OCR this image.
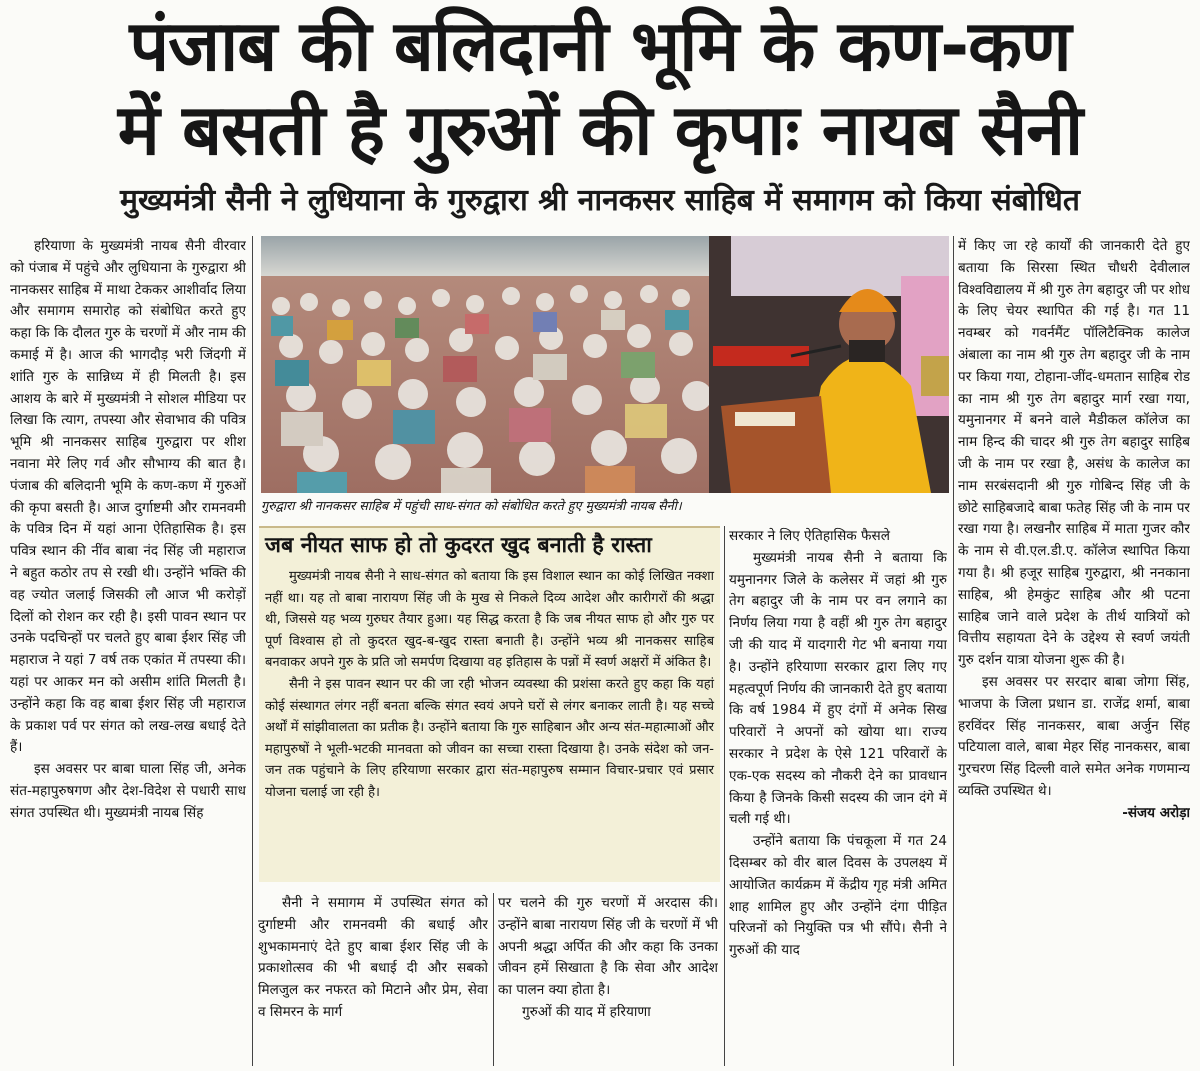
पंजाब की बलिदानी भूमि के कण-कण
में बसती है गुरुओं की कृपाः नायब सैनी
मुख्यमंत्री सैनी ने लुधियाना के गुरुद्वारा श्री नानकसर साहिब में समागम को किया संबोधित

हरियाणा के मुख्यमंत्री नायब सैनी वीरवार को पंजाब में पहुंचे और लुधियाना के गुरुद्वारा श्री नानकसर साहिब में माथा टेककर आशीर्वाद लिया और समागम समारोह को संबोधित करते हुए कहा कि कि दौलत गुरु के चरणों में और नाम की कमाई में है। आज की भागदौड़ भरी जिंदगी में शांति गुरु के सान्निध्य में ही मिलती है। इस आशय के बारे में मुख्यमंत्री ने सोशल मीडिया पर लिखा कि त्याग, तपस्या और सेवाभाव की पवित्र भूमि श्री नानकसर साहिब गुरुद्वारा पर शीश नवाना मेरे लिए गर्व और सौभाग्य की बात है। पंजाब की बलिदानी भूमि के कण-कण में गुरुओं की कृपा बसती है। आज दुर्गाष्टमी और रामनवमी के पवित्र दिन में यहां आना ऐतिहासिक है। इस पवित्र स्थान की नींव बाबा नंद सिंह जी महाराज ने बहुत कठोर तप से रखी थी। उन्होंने भक्ति की वह ज्योत जलाई जिसकी लौ आज भी करोड़ों दिलों को रोशन कर रही है। इसी पावन स्थान पर उनके पदचिन्हों पर चलते हुए बाबा ईशर सिंह जी महाराज ने यहां 7 वर्ष तक एकांत में तपस्या की। यहां पर आकर मन को असीम शांति मिलती है। उन्होंने कहा कि वह बाबा ईशर सिंह जी महाराज के प्रकाश पर्व पर संगत को लख-लख बधाई देते हैं।

इस अवसर पर बाबा घाला सिंह जी, अनेक संत-महापुरुषगण और देश-विदेश से पधारी साध संगत उपस्थित थी। मुख्यमंत्री नायब सिंह

गुरुद्वारा श्री नानकसर साहिब में पहुंची साध-संगत को संबोधित करते हुए मुख्यमंत्री नायब सैनी।
जब नीयत साफ हो तो कुदरत खुद बनाती है रास्ता

मुख्यमंत्री नायब सैनी ने साध-संगत को बताया कि इस विशाल स्थान का कोई लिखित नक्शा नहीं था। यह तो बाबा नारायण सिंह जी के मुख से निकले दिव्य आदेश और कारीगरों की श्रद्धा थी, जिससे यह भव्य गुरुघर तैयार हुआ। यह सिद्ध करता है कि जब नीयत साफ हो और गुरु पर पूर्ण विश्वास हो तो कुदरत खुद-ब-खुद रास्ता बनाती है। उन्होंने भव्य श्री नानकसर साहिब बनवाकर अपने गुरु के प्रति जो समर्पण दिखाया वह इतिहास के पन्नों में स्वर्ण अक्षरों में अंकित है।

सैनी ने इस पावन स्थान पर की जा रही भोजन व्यवस्था की प्रशंसा करते हुए कहा कि यहां कोई संस्थागत लंगर नहीं बनता बल्कि संगत स्वयं अपने घरों से लंगर बनाकर लाती है। यह सच्चे अर्थों में सांझीवालता का प्रतीक है। उन्होंने बताया कि गुरु साहिबान और अन्य संत-महात्माओं और महापुरुषों ने भूली-भटकी मानवता को जीवन का सच्चा रास्ता दिखाया है। उनके संदेश को जन-जन तक पहुंचाने के लिए हरियाणा सरकार द्वारा संत-महापुरुष सम्मान विचार-प्रचार एवं प्रसार योजना चलाई जा रही है।

सैनी ने समागम में उपस्थित संगत को दुर्गाष्टमी और रामनवमी की बधाई और शुभकामनाएं देते हुए बाबा ईशर सिंह जी के प्रकाशोत्सव की भी बधाई दी और सबको मिलजुल कर नफरत को मिटाने और प्रेम, सेवा व सिमरन के मार्ग

पर चलने की गुरु चरणों में अरदास की। उन्होंने बाबा नारायण सिंह जी के चरणों में भी अपनी श्रद्धा अर्पित की और कहा कि उनका जीवन हमें सिखाता है कि सेवा और आदेश का पालन क्या होता है।

गुरुओं की याद में हरियाणा

सरकार ने लिए ऐतिहासिक फैसले

मुख्यमंत्री नायब सैनी ने बताया कि यमुनानगर जिले के कलेसर में जहां श्री गुरु तेग बहादुर जी के नाम पर वन लगाने का निर्णय लिया गया है वहीं श्री गुरु तेग बहादुर जी की याद में यादगारी गेट भी बनाया गया है। उन्होंने हरियाणा सरकार द्वारा लिए गए महत्वपूर्ण निर्णय की जानकारी देते हुए बताया कि वर्ष 1984 में हुए दंगों में अनेक सिख परिवारों ने अपनों को खोया था। राज्य सरकार ने प्रदेश के ऐसे 121 परिवारों के एक-एक सदस्य को नौकरी देने का प्रावधान किया है जिनके किसी सदस्य की जान दंगे में चली गई थी।

उन्होंने बताया कि पंचकूला में गत 24 दिसम्बर को वीर बाल दिवस के उपलक्ष्य में आयोजित कार्यक्रम में केंद्रीय गृह मंत्री अमित शाह शामिल हुए और उन्होंने दंगा पीड़ित परिजनों को नियुक्ति पत्र भी सौंपे। सैनी ने गुरुओं की याद

में किए जा रहे कार्यों की जानकारी देते हुए बताया कि सिरसा स्थित चौधरी देवीलाल विश्वविद्यालय में श्री गुरु तेग बहादुर जी पर शोध के लिए चेयर स्थापित की गई है। गत 11 नवम्बर को गवर्नमैंट पॉलिटैक्निक कालेज अंबाला का नाम श्री गुरु तेग बहादुर जी के नाम पर किया गया, टोहाना-जींद-धमतान साहिब रोड का नाम श्री गुरु तेग बहादुर मार्ग रखा गया, यमुनानगर में बनने वाले मैडीकल कॉलेज का नाम हिन्द की चादर श्री गुरु तेग बहादुर साहिब जी के नाम पर रखा है, असंध के कालेज का नाम सरबंसदानी श्री गुरु गोबिन्द सिंह जी के छोटे साहिबजादे बाबा फतेह सिंह जी के नाम पर रखा गया है। लखनौर साहिब में माता गुजर कौर के नाम से वी.एल.डी.ए. कॉलेज स्थापित किया गया है। श्री हजूर साहिब गुरुद्वारा, श्री ननकाना साहिब, श्री हेमकुंट साहिब और श्री पटना साहिब जाने वाले प्रदेश के तीर्थ यात्रियों को वित्तीय सहायता देने के उद्देश्य से स्वर्ण जयंती गुरु दर्शन यात्रा योजना शुरू की है।

इस अवसर पर सरदार बाबा जोगा सिंह, भाजपा के जिला प्रधान डा. राजेंद्र शर्मा, बाबा हरविंदर सिंह नानकसर, बाबा अर्जुन सिंह पटियाला वाले, बाबा मेहर सिंह नानकसर, बाबा गुरचरण सिंह दिल्ली वाले समेत अनेक गणमान्य व्यक्ति उपस्थित थे।

-संजय अरोड़ा
